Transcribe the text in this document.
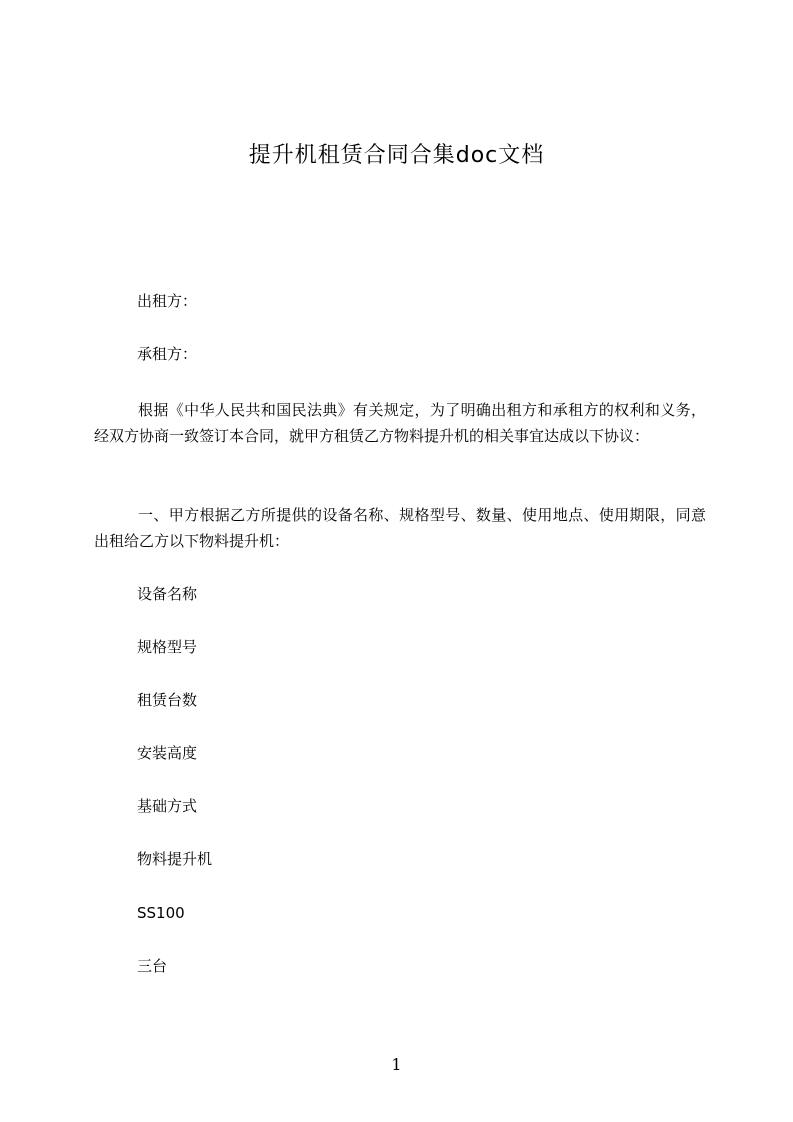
提升机租赁合同合集doc文档
出租方：
承租方：
根据《中华人民共和国民法典》有关规定，为了明确出租方和承租方的权利和义务，经双方协商一致签订本合同，就甲方租赁乙方物料提升机的相关事宜达成以下协议：
一、甲方根据乙方所提供的设备名称、规格型号、数量、使用地点、使用期限，同意出租给乙方以下物料提升机：
设备名称
规格型号
租赁台数
安装高度
基础方式
物料提升机
SS100
三台
1
